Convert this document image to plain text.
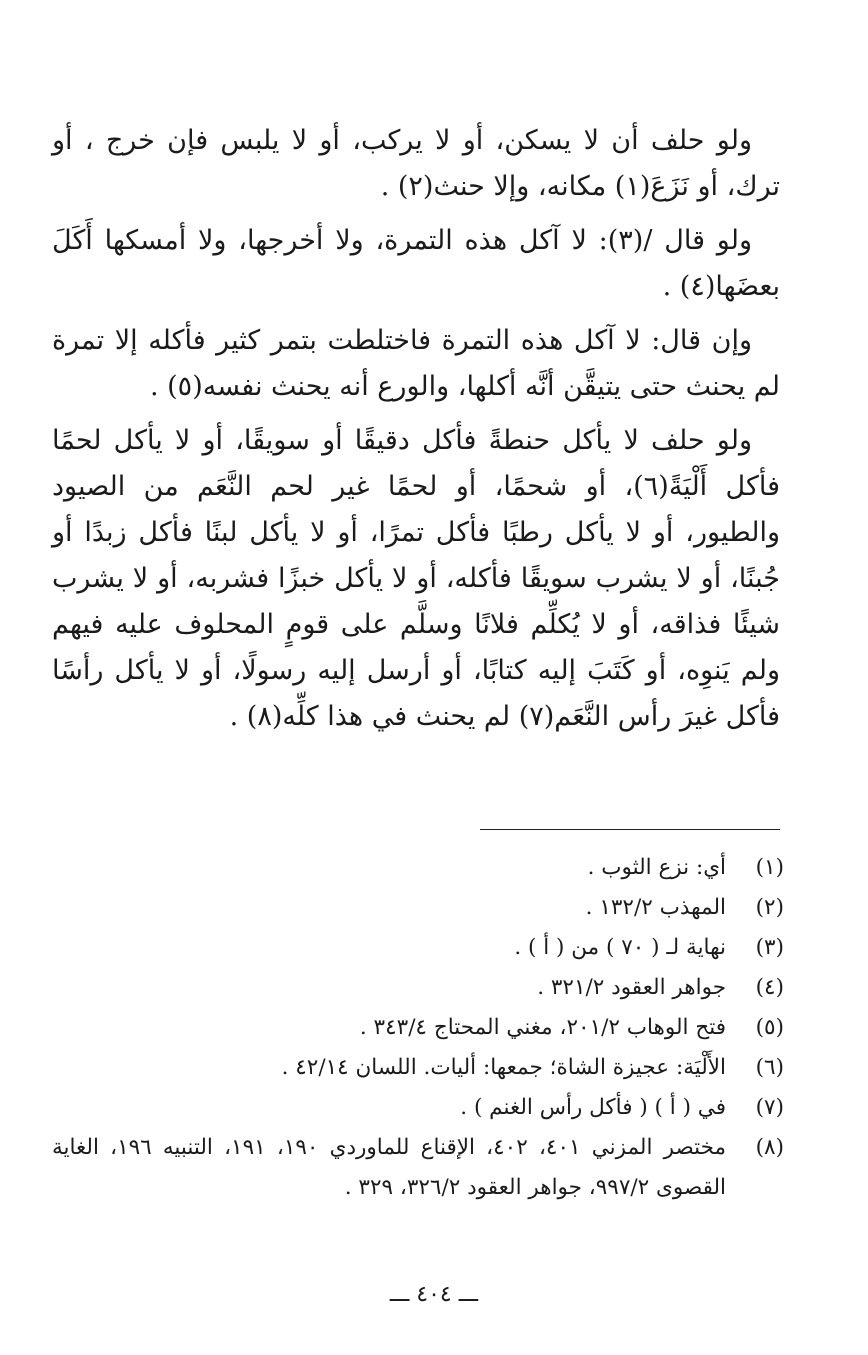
ولو حلف أن لا يسكن، أو لا يركب، أو لا يلبس فإن خرج ، أو ترك، أو نَزَعَ(١) مكانه، وإلا حنث(٢) .

ولو قال /(٣): لا آكل هذه التمرة، ولا أخرجها، ولا أمسكها أَكَلَ بعضَها(٤) .

وإن قال: لا آكل هذه التمرة فاختلطت بتمر كثير فأكله إلا تمرة لم يحنث حتى يتيقَّن أنَّه أكلها، والورع أنه يحنث نفسه(٥) .

ولو حلف لا يأكل حنطةً فأكل دقيقًا أو سويقًا، أو لا يأكل لحمًا فأكل أَلْيَةً(٦)، أو شحمًا، أو لحمًا غير لحم النَّعَم من الصيود والطيور، أو لا يأكل رطبًا فأكل تمرًا، أو لا يأكل لبنًا فأكل زبدًا أو جُبنًا، أو لا يشرب سويقًا فأكله، أو لا يأكل خبزًا فشربه، أو لا يشرب شيئًا فذاقه، أو لا يُكلِّم فلانًا وسلَّم على قومٍ المحلوف عليه فيهم ولم يَنوِه، أو كَتَبَ إليه كتابًا، أو أرسل إليه رسولًا، أو لا يأكل رأسًا فأكل غيرَ رأس النَّعَم(٧) لم يحنث في هذا كلِّه(٨) .

(١)
أي: نزع الثوب .
(٢)
المهذب ١٣٢/٢ .
(٣)
نهاية لـ ( ٧٠ ) من ( أ ) .
(٤)
جواهر العقود ٣٢١/٢ .
(٥)
فتح الوهاب ٢٠١/٢، مغني المحتاج ٣٤٣/٤ .
(٦)
الأَلْيَة: عجيزة الشاة؛ جمعها: أليات. اللسان ٤٢/١٤ .
(٧)
في ( أ ) ( فأكل رأس الغنم ) .
(٨)
مختصر المزني ٤٠١، ٤٠٢، الإقناع للماوردي ١٩٠، ١٩١، التنبيه ١٩٦، الغاية القصوى ٩٩٧/٢، جواهر العقود ٣٢٦/٢، ٣٢٩ .
ـــ ٤٠٤ ـــ
